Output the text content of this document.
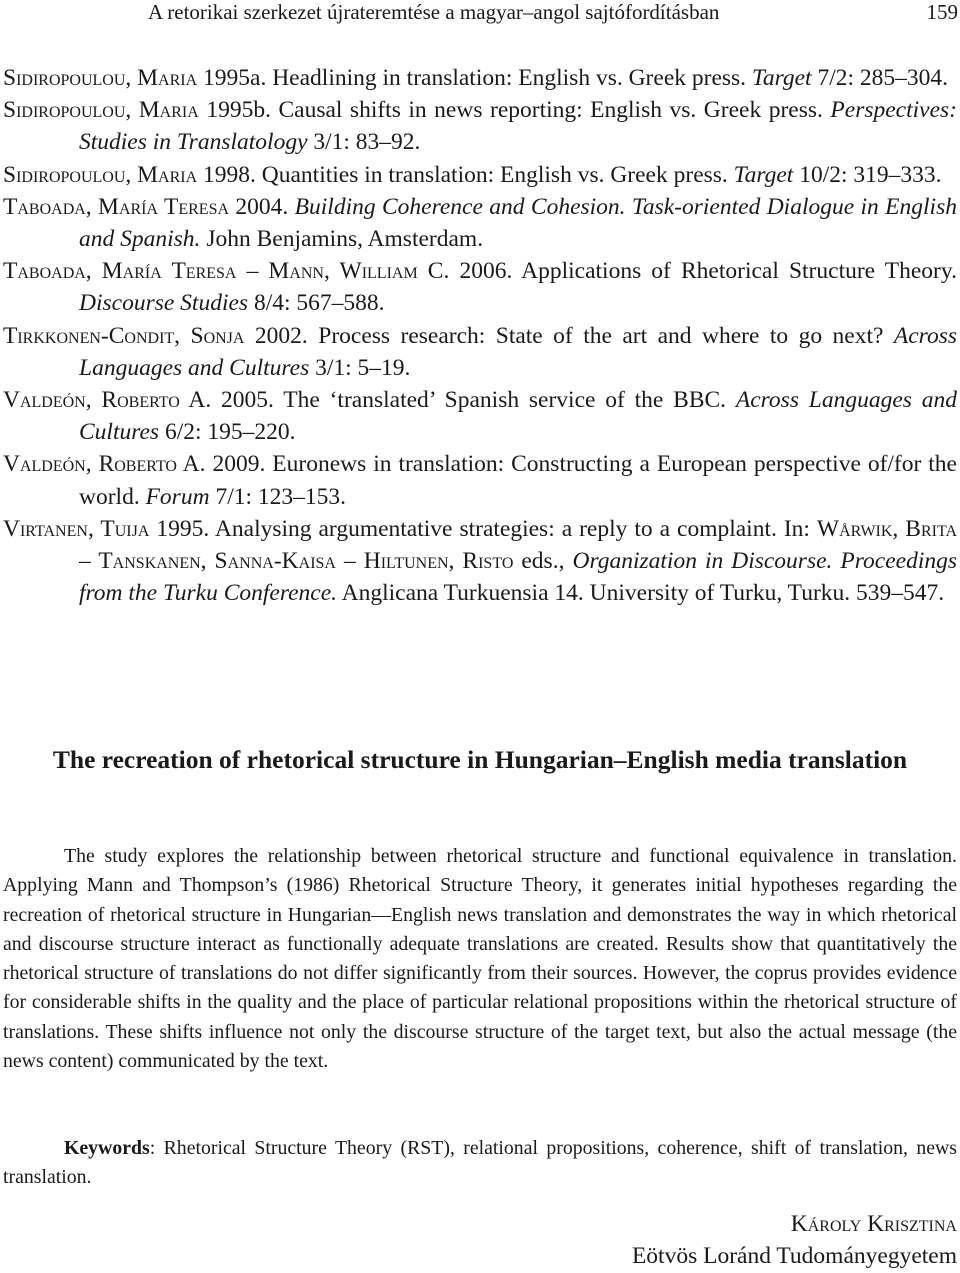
A retorikai szerkezet újrateremtése a magyar–angol sajtófordításban	159
Sidiropoulou, Maria 1995a. Headlining in translation: English vs. Greek press. Target 7/2: 285–304.
Sidiropoulou, Maria 1995b. Causal shifts in news reporting: English vs. Greek press. Perspectives: Studies in Translatology 3/1: 83–92.
Sidiropoulou, Maria 1998. Quantities in translation: English vs. Greek press. Target 10/2: 319–333.
Taboada, María Teresa 2004. Building Coherence and Cohesion. Task-oriented Dialogue in English and Spanish. John Benjamins, Amsterdam.
Taboada, María Teresa – Mann, William C. 2006. Applications of Rhetorical Structure Theory. Discourse Studies 8/4: 567–588.
Tirkkonen-Condit, Sonja 2002. Process research: State of the art and where to go next? Across Languages and Cultures 3/1: 5–19.
Valdeón, Roberto A. 2005. The ‘translated’ Spanish service of the BBC. Across Languages and Cultures 6/2: 195–220.
Valdeón, Roberto A. 2009. Euronews in translation: Constructing a European perspective of/for the world. Forum 7/1: 123–153.
Virtanen, Tuija 1995. Analysing argumentative strategies: a reply to a complaint. In: Wårwik, Brita – Tanskanen, Sanna-Kaisa – Hiltunen, Risto eds., Organization in Discourse. Proceedings from the Turku Conference. Anglicana Turkuensia 14. University of Turku, Turku. 539–547.
The recreation of rhetorical structure in Hungarian–English media translation
The study explores the relationship between rhetorical structure and functional equivalence in translation. Applying Mann and Thompson’s (1986) Rhetorical Structure Theory, it generates initial hypotheses regarding the recreation of rhetorical structure in Hungarian—English news translation and demonstrates the way in which rhetorical and discourse structure interact as functionally adequate translations are created. Results show that quantitatively the rhetorical structure of translations do not differ significantly from their sources. However, the coprus provides evidence for considerable shifts in the quality and the place of particular relational propositions within the rhetorical structure of translations. These shifts influence not only the discourse structure of the target text, but also the actual message (the news content) communicated by the text.
Keywords: Rhetorical Structure Theory (RST), relational propositions, coherence, shift of translation, news translation.
Károly Krisztina
Eötvös Loránd Tudományegyetem
